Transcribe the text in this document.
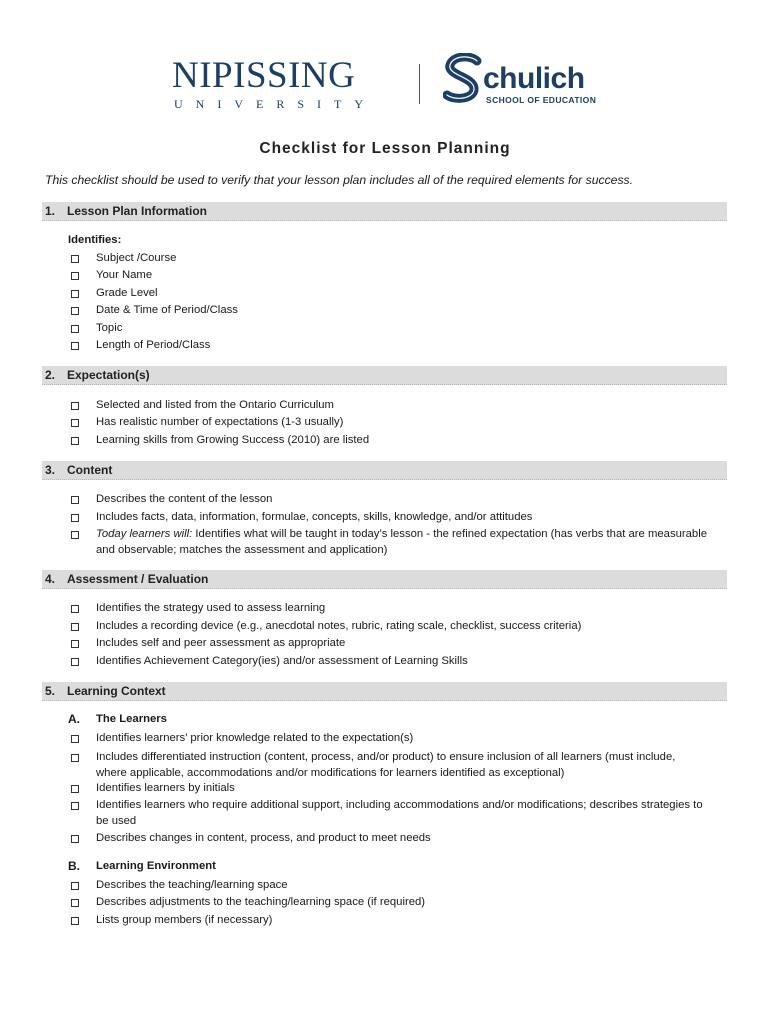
NIPISSING
UNIVERSITY
chulich
SCHOOL OF EDUCATION
Checklist for Lesson Planning
This checklist should be used to verify that your lesson plan includes all of the required elements for success.
1. Lesson Plan Information
Identifies:
Subject /Course
Your Name
Grade Level
Date & Time of Period/Class
Topic
Length of Period/Class
2. Expectation(s)
Selected and listed from the Ontario Curriculum
Has realistic number of expectations (1-3 usually)
Learning skills from Growing Success (2010) are listed
3. Content
Describes the content of the lesson
Includes facts, data, information, formulae, concepts, skills, knowledge, and/or attitudes
Today learners will: Identifies what will be taught in today’s lesson - the refined expectation (has verbs that are measurable and observable; matches the assessment and application)
4. Assessment / Evaluation
Identifies the strategy used to assess learning
Includes a recording device (e.g., anecdotal notes, rubric, rating scale, checklist, success criteria)
Includes self and peer assessment as appropriate
Identifies Achievement Category(ies) and/or assessment of Learning Skills
5. Learning Context
A. The Learners
Identifies learners’ prior knowledge related to the expectation(s)
Includes differentiated instruction (content, process, and/or product) to ensure inclusion of all learners (must include, where applicable, accommodations and/or modifications for learners identified as exceptional)
Identifies learners by initials
Identifies learners who require additional support, including accommodations and/or modifications; describes strategies to be used
Describes changes in content, process, and product to meet needs
B. Learning Environment
Describes the teaching/learning space
Describes adjustments to the teaching/learning space (if required)
Lists group members (if necessary)
